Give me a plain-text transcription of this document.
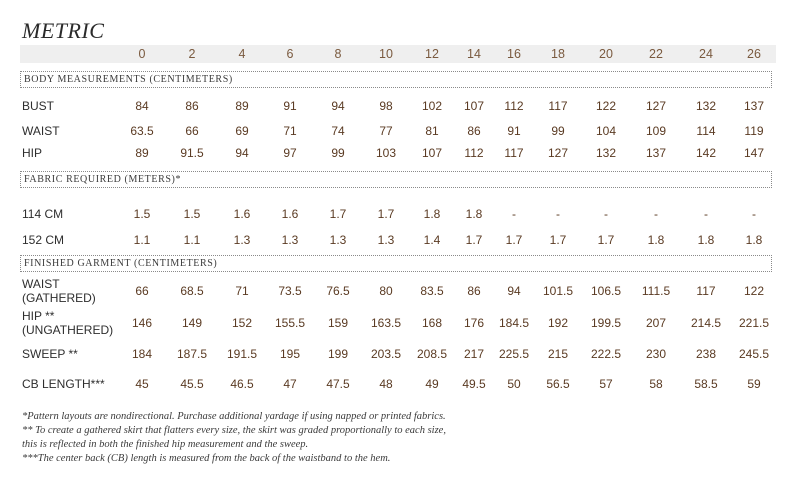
METRIC
0	2	4	6	8	10	12	14	16	18	20	22	24	26
BODY MEASUREMENTS (CENTIMETERS)
BUST	84	86	89	91	94	98	102	107	112	117	122	127	132	137
WAIST	63.5	66	69	71	74	77	81	86	91	99	104	109	114	119
HIP	89	91.5	94	97	99	103	107	112	117	127	132	137	142	147
FABRIC REQUIRED (METERS)*
114 CM	1.5	1.5	1.6	1.6	1.7	1.7	1.8	1.8	-	-	-	-	-	-
152 CM	1.1	1.1	1.3	1.3	1.3	1.3	1.4	1.7	1.7	1.7	1.7	1.8	1.8	1.8
FINISHED GARMENT (CENTIMETERS)
WAIST
(GATHERED)	66	68.5	71	73.5	76.5	80	83.5	86	94	101.5	106.5	111.5	117	122
HIP **
(UNGATHERED)	146	149	152	155.5	159	163.5	168	176	184.5	192	199.5	207	214.5	221.5
SWEEP **	184	187.5	191.5	195	199	203.5	208.5	217	225.5	215	222.5	230	238	245.5
CB LENGTH***	45	45.5	46.5	47	47.5	48	49	49.5	50	56.5	57	58	58.5	59
*Pattern layouts are nondirectional. Purchase additional yardage if using napped or printed fabrics.
** To create a gathered skirt that flatters every size, the skirt was graded proportionally to each size,
this is reflected in both the finished hip measurement and the sweep.
***The center back (CB) length is measured from the back of the waistband to the hem.
